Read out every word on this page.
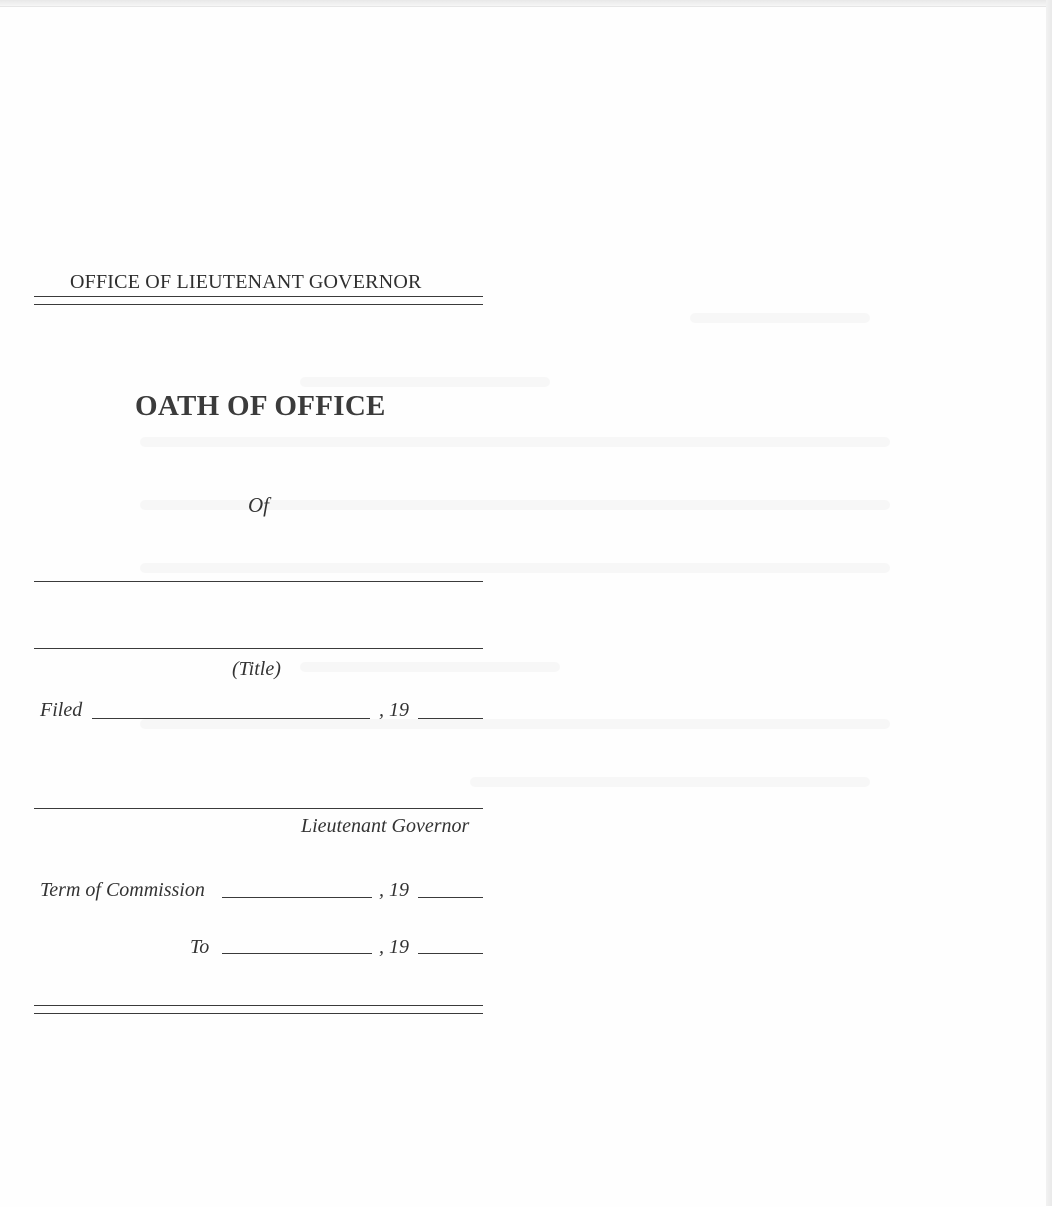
OFFICE OF LIEUTENANT GOVERNOR
OATH OF OFFICE
Of
(Title)
Filed	, 19
Lieutenant Governor
Term of Commission	, 19
To	, 19
